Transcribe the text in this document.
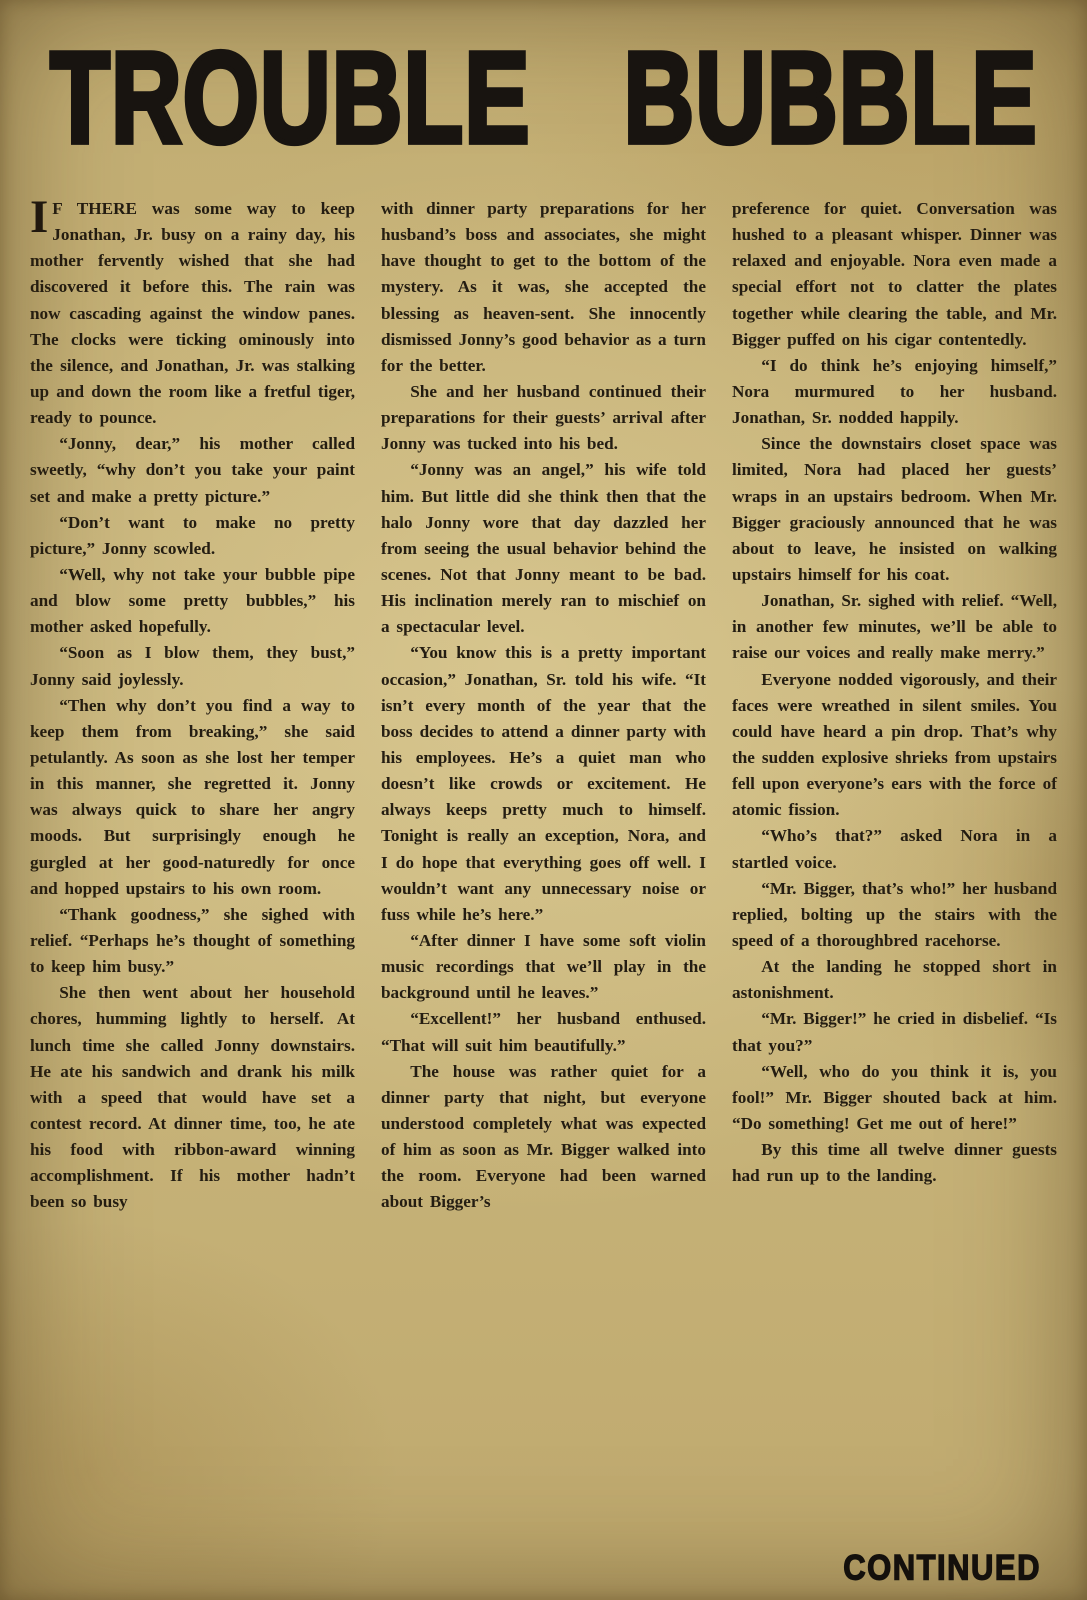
TROUBLE BUBBLE

I F THERE was some way to keep Jonathan, Jr. busy on a rainy day, his mother fervently wished that she had discovered it before this. The rain was now cascading against the window panes. The clocks were ticking ominously into the silence, and Jonathan, Jr. was stalking up and down the room like a fretful tiger, ready to pounce.

“Jonny, dear,” his mother called sweetly, “why don’t you take your paint set and make a pretty picture.”

“Don’t want to make no pretty picture,” Jonny scowled.

“Well, why not take your bubble pipe and blow some pretty bubbles,” his mother asked hopefully.

“Soon as I blow them, they bust,” Jonny said joylessly.

“Then why don’t you find a way to keep them from breaking,” she said petulantly. As soon as she lost her temper in this manner, she regretted it. Jonny was always quick to share her angry moods. But surprisingly enough he gurgled at her good-naturedly for once and hopped upstairs to his own room.

“Thank goodness,” she sighed with relief. “Perhaps he’s thought of something to keep him busy.”

She then went about her household chores, humming lightly to herself. At lunch time she called Jonny downstairs. He ate his sandwich and drank his milk with a speed that would have set a contest record. At dinner time, too, he ate his food with ribbon-award winning accomplishment. If his mother hadn’t been so busy

with dinner party preparations for her husband’s boss and associates, she might have thought to get to the bottom of the mystery. As it was, she accepted the blessing as heaven-sent. She innocently dismissed Jonny’s good behavior as a turn for the better.

She and her husband continued their preparations for their guests’ arrival after Jonny was tucked into his bed.

“Jonny was an angel,” his wife told him. But little did she think then that the halo Jonny wore that day dazzled her from seeing the usual behavior behind the scenes. Not that Jonny meant to be bad. His inclination merely ran to mischief on a spectacular level.

“You know this is a pretty important occasion,” Jonathan, Sr. told his wife. “It isn’t every month of the year that the boss decides to attend a dinner party with his employees. He’s a quiet man who doesn’t like crowds or excitement. He always keeps pretty much to himself. Tonight is really an exception, Nora, and I do hope that everything goes off well. I wouldn’t want any unnecessary noise or fuss while he’s here.”

“After dinner I have some soft violin music recordings that we’ll play in the background until he leaves.”

“Excellent!” her husband enthused. “That will suit him beautifully.”

The house was rather quiet for a dinner party that night, but everyone understood completely what was expected of him as soon as Mr. Bigger walked into the room. Everyone had been warned about Bigger’s

preference for quiet. Conversation was hushed to a pleasant whisper. Dinner was relaxed and enjoyable. Nora even made a special effort not to clatter the plates together while clearing the table, and Mr. Bigger puffed on his cigar contentedly.

“I do think he’s enjoying himself,” Nora murmured to her husband. Jonathan, Sr. nodded happily.

Since the downstairs closet space was limited, Nora had placed her guests’ wraps in an upstairs bedroom. When Mr. Bigger graciously announced that he was about to leave, he insisted on walking upstairs himself for his coat.

Jonathan, Sr. sighed with relief. “Well, in another few minutes, we’ll be able to raise our voices and really make merry.”

Everyone nodded vigorously, and their faces were wreathed in silent smiles. You could have heard a pin drop. That’s why the sudden explosive shrieks from upstairs fell upon everyone’s ears with the force of atomic fission.

“Who’s that?” asked Nora in a startled voice.

“Mr. Bigger, that’s who!” her husband replied, bolting up the stairs with the speed of a thoroughbred racehorse.

At the landing he stopped short in astonishment.

“Mr. Bigger!” he cried in disbelief. “Is that you?”

“Well, who do you think it is, you fool!” Mr. Bigger shouted back at him. “Do something! Get me out of here!”

By this time all twelve dinner guests had run up to the landing.

CONTINUED
